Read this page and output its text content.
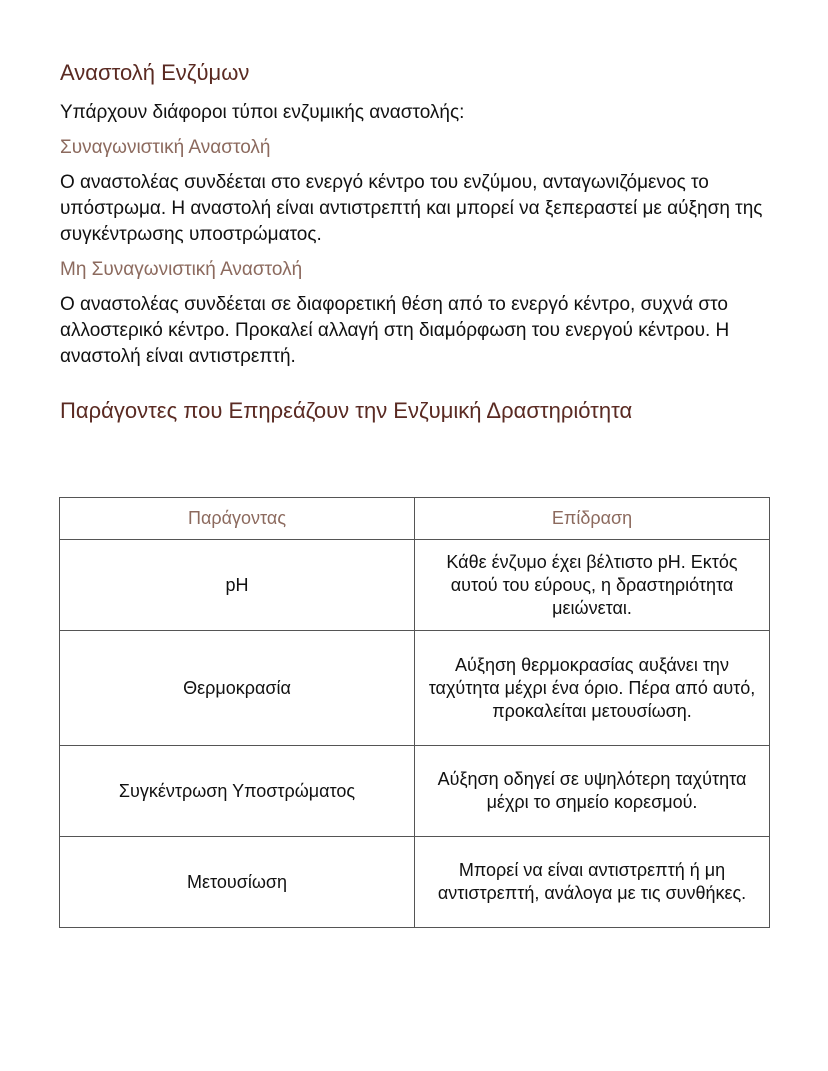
Αναστολή Ενζύμων

Υπάρχουν διάφοροι τύποι ενζυμικής αναστολής:

Συναγωνιστική Αναστολή

Ο αναστολέας συνδέεται στο ενεργό κέντρο του ενζύμου, ανταγωνιζόμενος το υπόστρωμα. Η αναστολή είναι αντιστρεπτή και μπορεί να ξεπεραστεί με αύξηση της συγκέντρωσης υποστρώματος.

Μη Συναγωνιστική Αναστολή

Ο αναστολέας συνδέεται σε διαφορετική θέση από το ενεργό κέντρο, συχνά στο αλλοστερικό κέντρο. Προκαλεί αλλαγή στη διαμόρφωση του ενεργού κέντρου. Η αναστολή είναι αντιστρεπτή.

Παράγοντες που Επηρεάζουν την Ενζυμική Δραστηριότητα
Παράγοντας	Επίδραση
pH	Κάθε ένζυμο έχει βέλτιστο pH. Εκτός αυτού του εύρους, η δραστηριότητα μειώνεται.
Θερμοκρασία	Αύξηση θερμοκρασίας αυξάνει την ταχύτητα μέχρι ένα όριο. Πέρα από αυτό, προκαλείται μετουσίωση.
Συγκέντρωση Υποστρώματος	Αύξηση οδηγεί σε υψηλότερη ταχύτητα μέχρι το σημείο κορεσμού.
Μετουσίωση	Μπορεί να είναι αντιστρεπτή ή μη αντιστρεπτή, ανάλογα με τις συνθήκες.
